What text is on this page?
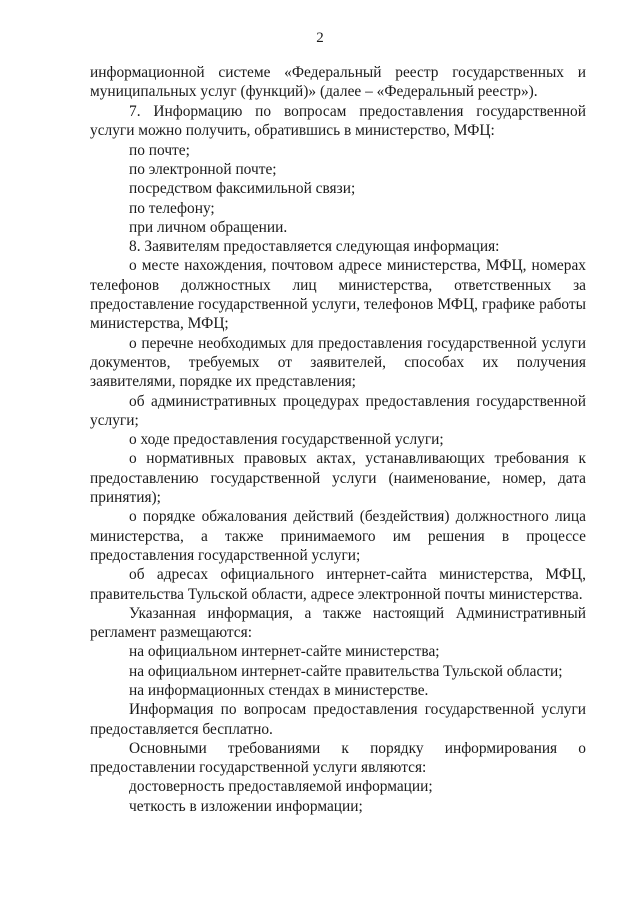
2

информационной системе «Федеральный реестр государственных и муниципальных услуг (функций)» (далее – «Федеральный реестр»).

7. Информацию по вопросам предоставления государственной услуги можно получить, обратившись в министерство, МФЦ:

по почте;

по электронной почте;

посредством факсимильной связи;

по телефону;

при личном обращении.

8. Заявителям предоставляется следующая информация:

о месте нахождения, почтовом адресе министерства, МФЦ, номерах телефонов должностных лиц министерства, ответственных за предоставление государственной услуги, телефонов МФЦ, графике работы министерства, МФЦ;

о перечне необходимых для предоставления государственной услуги документов, требуемых от заявителей, способах их получения заявителями, порядке их представления;

об административных процедурах предоставления государственной услуги;

о ходе предоставления государственной услуги;

о нормативных правовых актах, устанавливающих требования к предоставлению государственной услуги (наименование, номер, дата принятия);

о порядке обжалования действий (бездействия) должностного лица министерства, а также принимаемого им решения в процессе предоставления государственной услуги;

об адресах официального интернет-сайта министерства, МФЦ, правительства Тульской области, адресе электронной почты министерства.

Указанная информация, а также настоящий Административный регламент размещаются:

на официальном интернет-сайте министерства;

на официальном интернет-сайте правительства Тульской области;

на информационных стендах в министерстве.

Информация по вопросам предоставления государственной услуги предоставляется бесплатно.

Основными требованиями к порядку информирования о предоставлении государственной услуги являются:

достоверность предоставляемой информации;

четкость в изложении информации;
